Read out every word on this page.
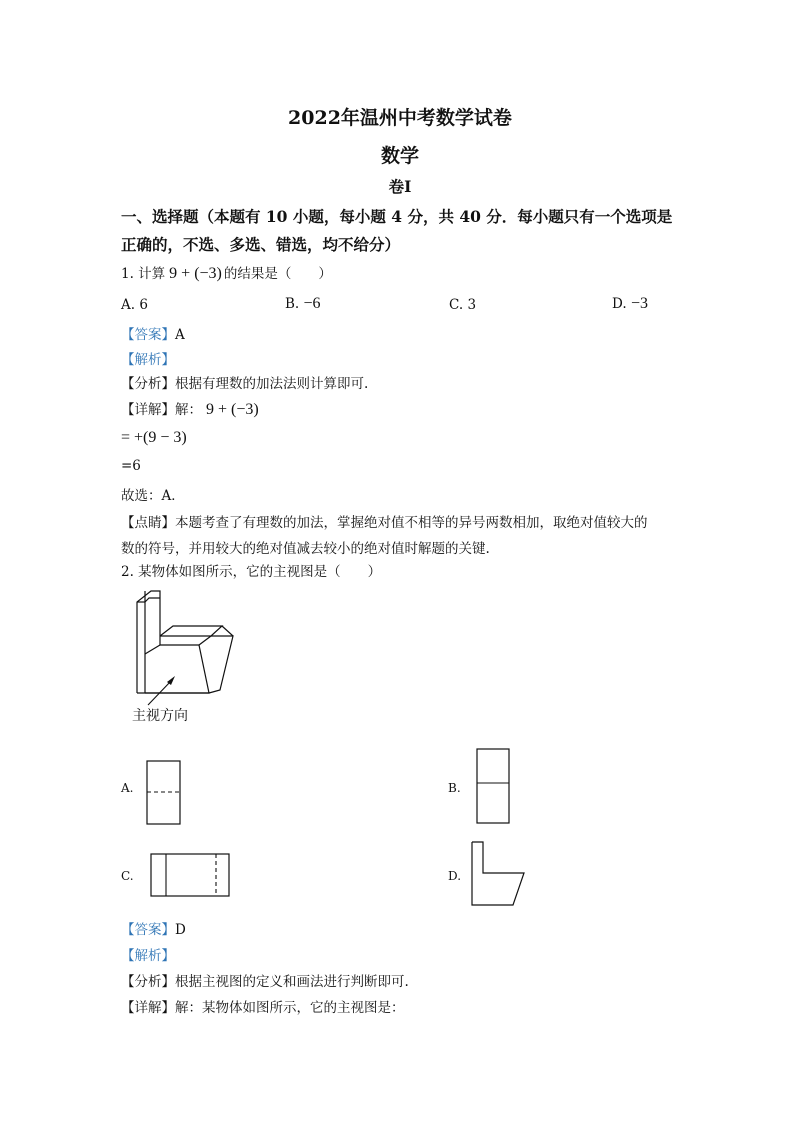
2022年温州中考数学试卷
数学
卷Ⅰ
一、选择题（本题有 10 小题，每小题 4 分，共 40 分．每小题只有一个选项是
正确的，不选、多选、错选，均不给分）
1. 计算 9 + (−3) 的结果是（　　）
A. 6	B. −6	C. 3	D. −3
【答案】A
【解析】
【分析】根据有理数的加法法则计算即可.
【详解】解： 9 + (−3)
= +(9 − 3)
=6
故选：A．
【点睛】本题考查了有理数的加法，掌握绝对值不相等的异号两数相加，取绝对值较大的
数的符号，并用较大的绝对值减去较小的绝对值时解题的关键.
2. 某物体如图所示，它的主视图是（　　）
主视方向
A.	B.
C.	D.
【答案】D
【解析】
【分析】根据主视图的定义和画法进行判断即可.
【详解】解：某物体如图所示，它的主视图是：
